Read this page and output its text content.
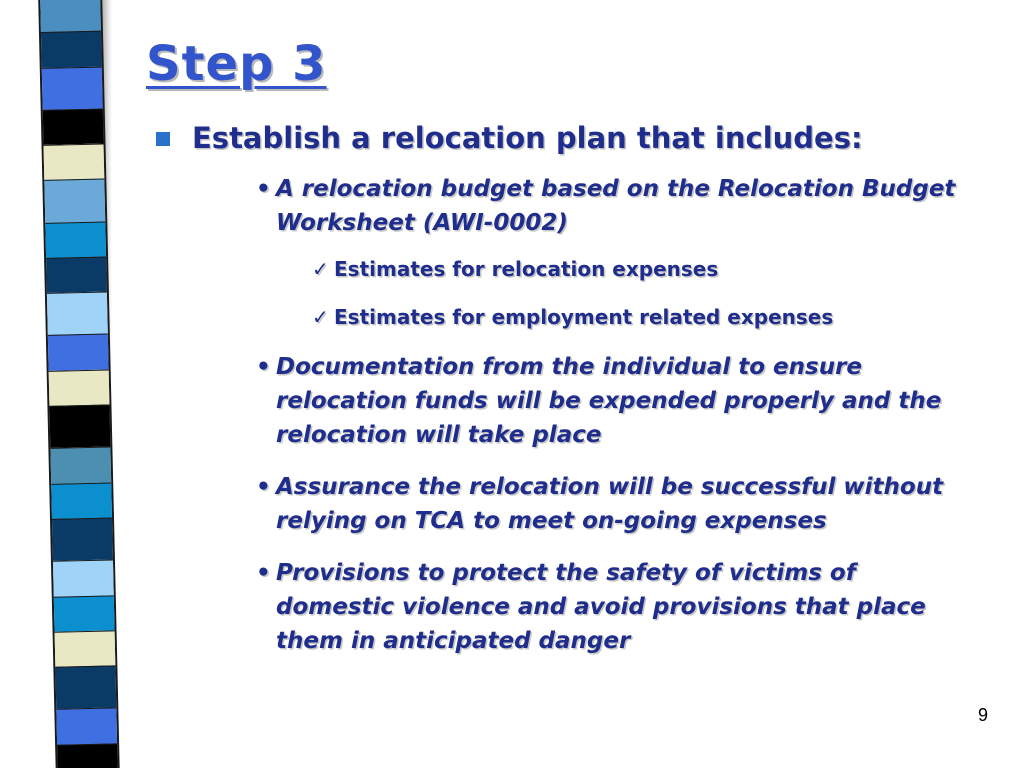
Step 3
Establish a relocation plan that includes:
• A relocation budget based on the Relocation Budget Worksheet (AWI-0002)
✓ Estimates for relocation expenses
✓ Estimates for employment related expenses
• Documentation from the individual to ensure relocation funds will be expended properly and the relocation will take place
• Assurance the relocation will be successful without relying on TCA to meet on-going expenses
• Provisions to protect the safety of victims of domestic violence and avoid provisions that place them in anticipated danger
9
